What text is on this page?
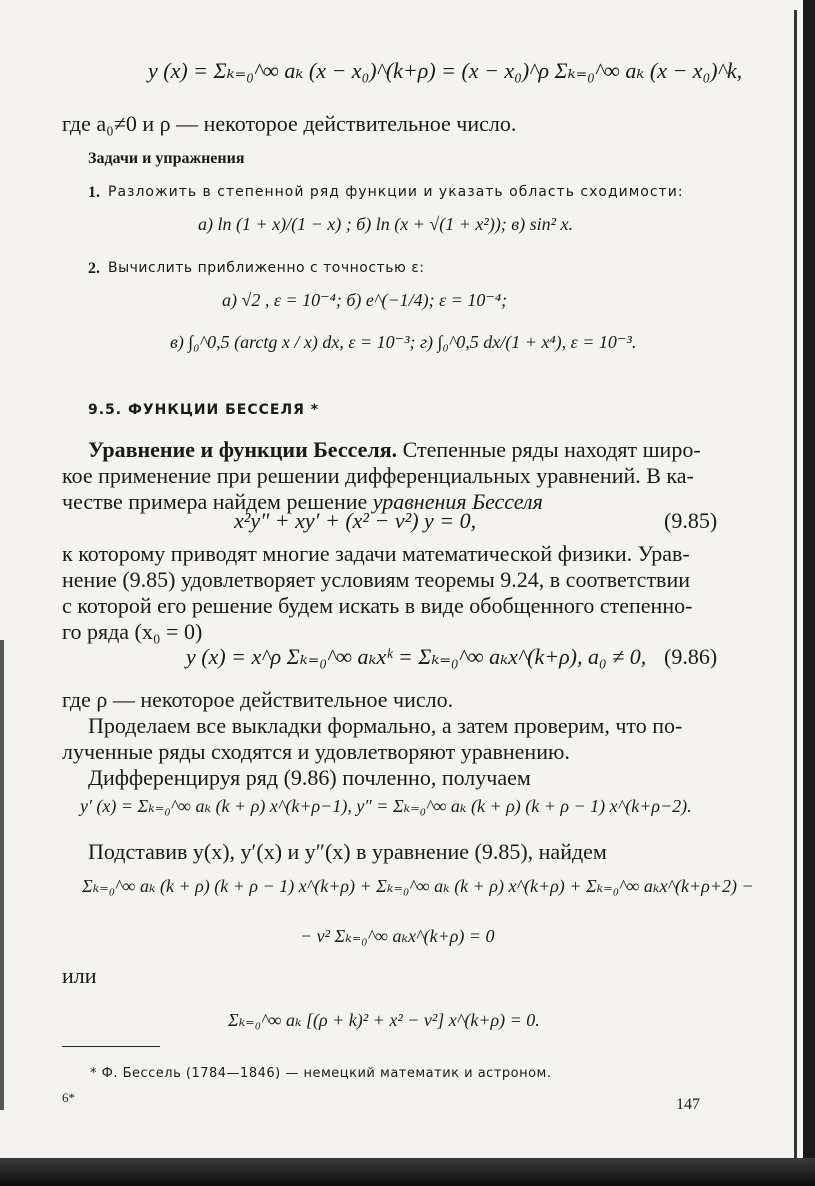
y (x) = Σₖ₌₀^∞ aₖ (x − x₀)^(k+ρ) = (x − x₀)^ρ Σₖ₌₀^∞ aₖ (x − x₀)^k,
где a₀≠0 и ρ — некоторое действительное число.
Задачи и упражнения
1. Разложить в степенной ряд функции и указать область сходимости:
а) ln (1 + x)/(1 − x) ; б) ln (x + √(1 + x²)); в) sin² x.
2. Вычислить приближенно с точностью ε:
а) √2 , ε = 10⁻⁴; б) e^(−1/4); ε = 10⁻⁴;
в) ∫₀^0,5 (arctg x / x) dx, ε = 10⁻³; г) ∫₀^0,5 dx/(1 + x⁴), ε = 10⁻³.
9.5. ФУНКЦИИ БЕССЕЛЯ *
Уравнение и функции Бесселя. Степенные ряды находят широ-
кое применение при решении дифференциальных уравнений. В ка-
честве примера найдем решение уравнения Бесселя
x²y″ + xy′ + (x² − ν²) y = 0,	(9.85)
к которому приводят многие задачи математической физики. Урав-
нение (9.85) удовлетворяет условиям теоремы 9.24, в соответствии
с которой его решение будем искать в виде обобщенного степенно-
го ряда (x₀ = 0)
y (x) = x^ρ Σₖ₌₀^∞ aₖxᵏ = Σₖ₌₀^∞ aₖx^(k+ρ), a₀ ≠ 0, (9.86)
где ρ — некоторое действительное число.
Проделаем все выкладки формально, а затем проверим, что по-
лученные ряды сходятся и удовлетворяют уравнению.
Дифференцируя ряд (9.86) почленно, получаем
y′ (x) = Σₖ₌₀^∞ aₖ (k + ρ) x^(k+ρ−1), y″ = Σₖ₌₀^∞ aₖ (k + ρ) (k + ρ − 1) x^(k+ρ−2).
Подставив y(x), y′(x) и y″(x) в уравнение (9.85), найдем
Σₖ₌₀^∞ aₖ (k + ρ) (k + ρ − 1) x^(k+ρ) + Σₖ₌₀^∞ aₖ (k + ρ) x^(k+ρ) + Σₖ₌₀^∞ aₖx^(k+ρ+2) −
− ν² Σₖ₌₀^∞ aₖx^(k+ρ) = 0
или
Σₖ₌₀^∞ aₖ [(ρ + k)² + x² − ν²] x^(k+ρ) = 0.
* Ф. Бессель (1784—1846) — немецкий математик и астроном.
6*	147
